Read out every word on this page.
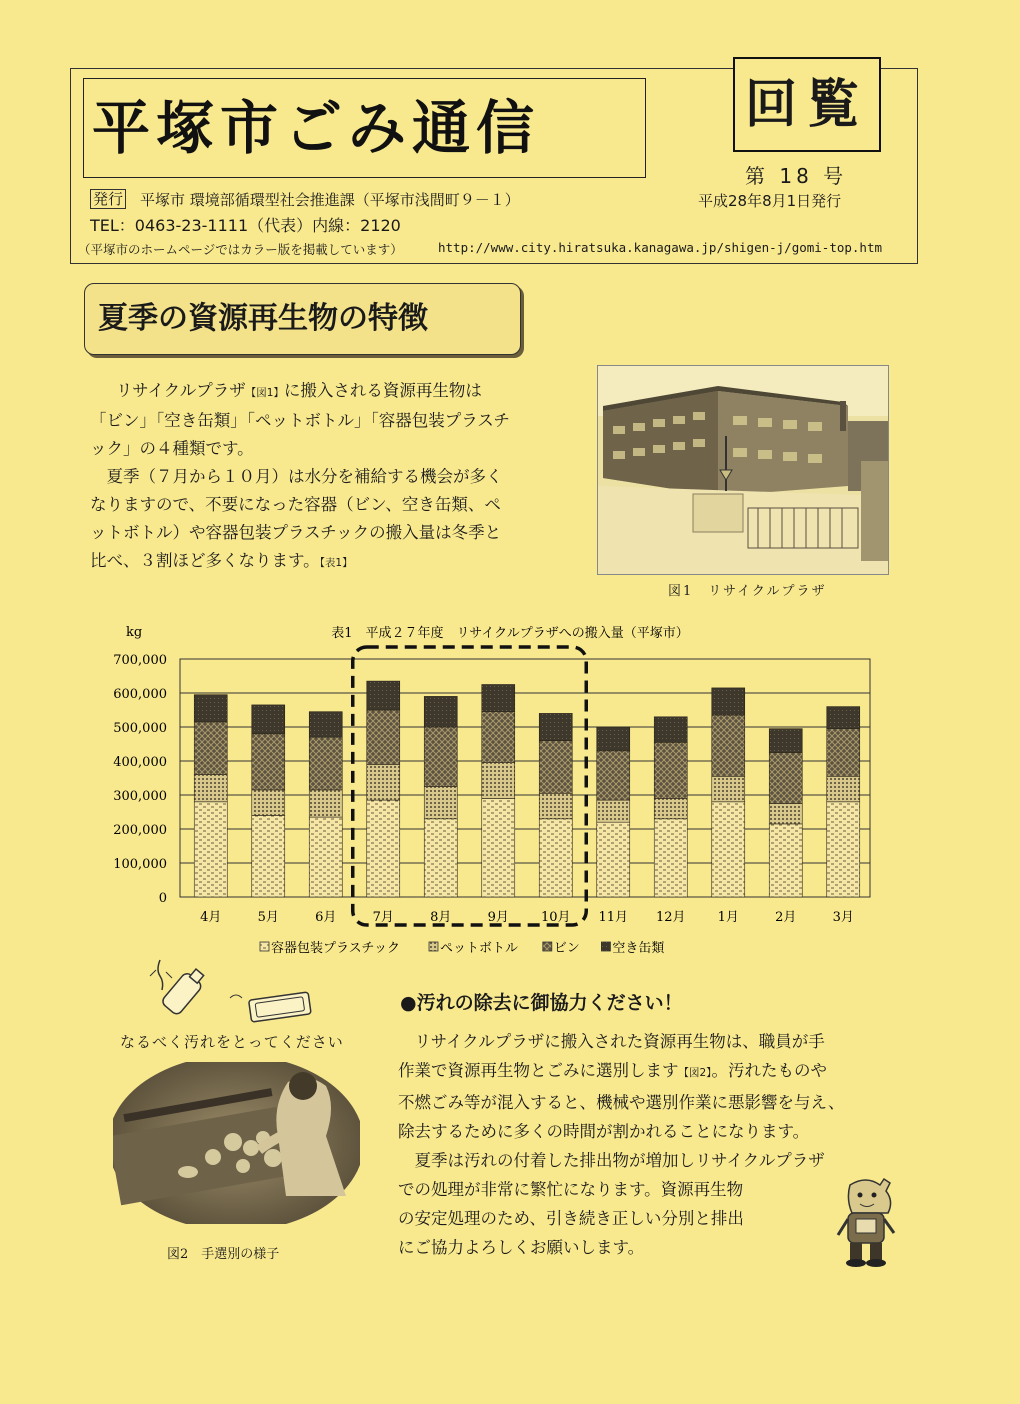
平塚市ごみ通信	回覧
第 18 号
平成28年8月1日発行
発行 平塚市 環境部循環型社会推進課（平塚市浅間町９－１）
TEL：0463-23-1111（代表）内線：2120
（平塚市のホームページではカラー版を掲載しています）	http://www.city.hiratsuka.kanagawa.jp/shigen-j/gomi-top.htm
夏季の資源再生物の特徴
リサイクルプラザ【図1】に搬入される資源再生物は
「ビン」「空き缶類」「ペットボトル」「容器包装プラスチ
ック」の４種類です。
　夏季（７月から１０月）は水分を補給する機会が多く
なりますので、不要になった容器（ビン、空き缶類、ペ
ットボトル）や容器包装プラスチックの搬入量は冬季と
比べ、３割ほど多くなります。【表1】
図1　リサイクルプラザ
表1　平成２７年度　リサイクルプラザへの搬入量（平塚市）
kg
700,000
600,000
500,000
400,000
300,000
200,000
100,000
0
4月	5月	6月	7月	8月	9月 10月 11月 12月 1月	2月	3月
容器包装プラスチック	ペットボトル	ビン	空き缶類
なるべく汚れをとってください
図2　手選別の様子
●汚れの除去に御協力ください！
　リサイクルプラザに搬入された資源再生物は、職員が手
作業で資源再生物とごみに選別します【図2】。汚れたものや
不燃ごみ等が混入すると、機械や選別作業に悪影響を与え、
除去するために多くの時間が割かれることになります。
　夏季は汚れの付着した排出物が増加しリサイクルプラザ
での処理が非常に繁忙になります。資源再生物
の安定処理のため、引き続き正しい分別と排出
にご協力よろしくお願いします。
